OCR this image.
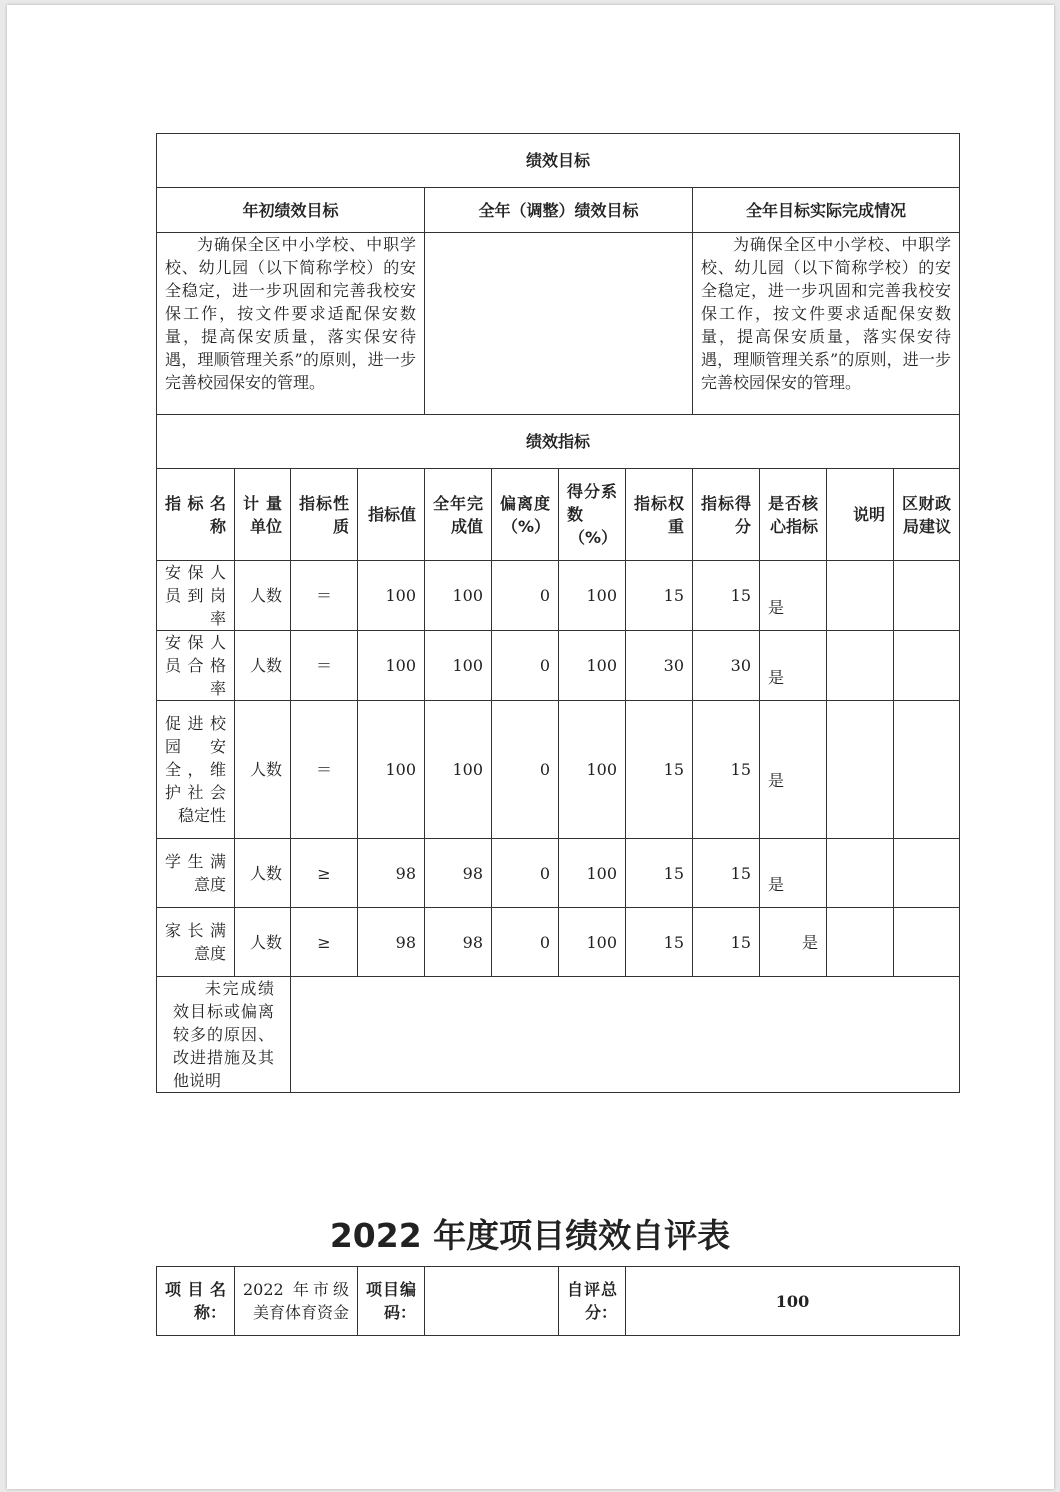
绩效目标											
年初绩效目标				全年（调整）绩效目标				全年目标实际完成情况			
为确保全区中小学校、中职学校、幼儿园（以下简称学校）的安全稳定，进一步巩固和完善我校安保工作，按文件要求适配保安数量，提高保安质量，落实保安待遇，理顺管理关系”的原则，进一步完善校园保安的管理。								为确保全区中小学校、中职学校、幼儿园（以下简称学校）的安全稳定，进一步巩固和完善我校安保工作，按文件要求适配保安数量，提高保安质量，落实保安待遇，理顺管理关系”的原则，进一步完善校园保安的管理。			
绩效指标											
指标名称	计量单位	指标性质	指标值	全年完成值	偏离度（%）	得分系数（%）	指标权重	指标得分	是否核心指标	说明	区财政局建议
安保人员到岗率	人数	＝	100	100	0	100	15	15	是		
安保人员合格率	人数	＝	100	100	0	100	30	30	是		
促进校园安全，维护社会稳定性	人数	＝	100	100	0	100	15	15	是		
学生满意度	人数	≥	98	98	0	100	15	15	是		
家长满意度	人数	≥	98	98	0	100	15	15	是		
未完成绩效目标或偏离较多的原因、改进措施及其他说明											
2022 年度项目绩效自评表
项目名称：	2022 年市级美育体育资金	项目编码：		自评总分：	100
